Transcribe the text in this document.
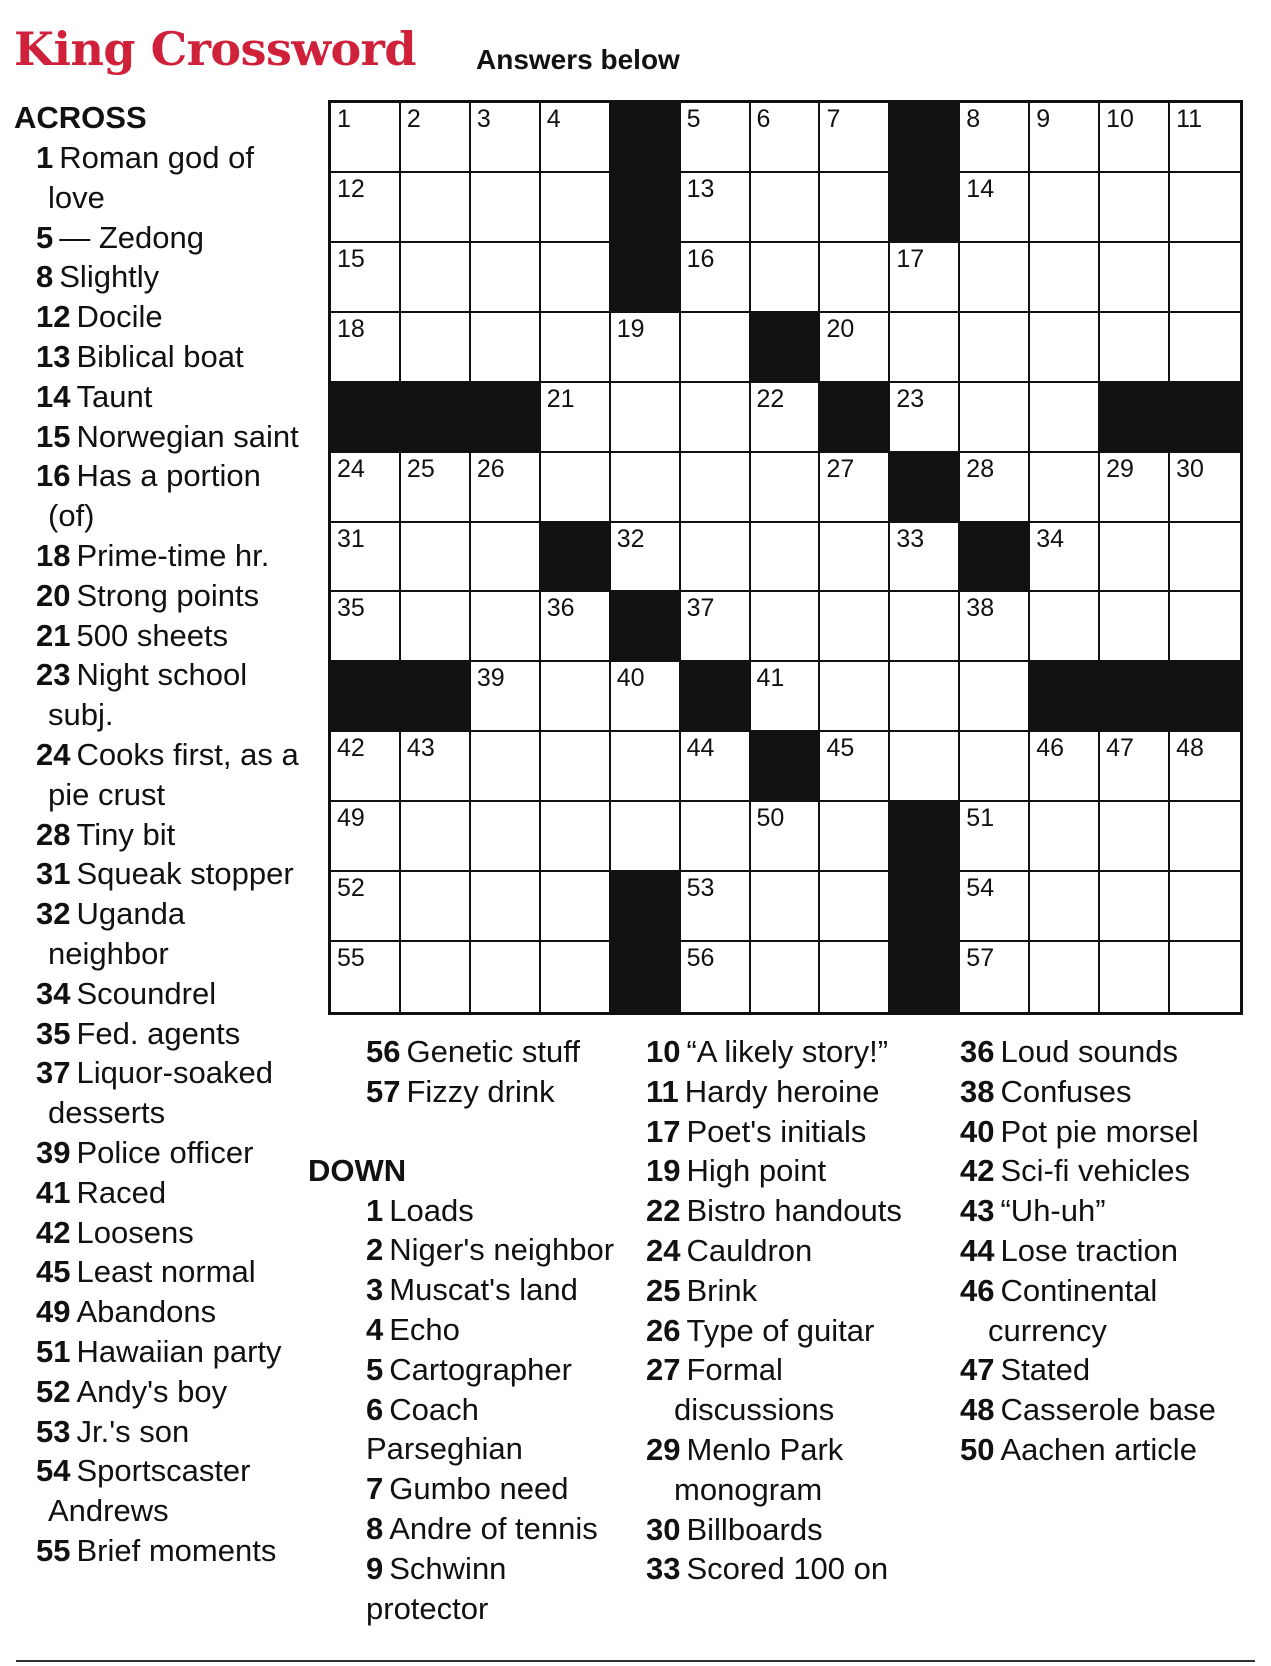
King Crossword Answers below
1 2 3 4	5 6 7	8 9 10 11
12	13	14
15	16	17
18	19	20
21	22	23
24 25 26	27	28	29 30
31	32	33	34
35	36	37	38
39	40	41
42 43	44	45	46 47 48
49	50	51
52	53	54
55	56	57
ACROSS
1 Roman god of love
5 — Zedong
8 Slightly
12 Docile
13 Biblical boat
14 Taunt
15 Norwegian saint
16 Has a portion (of)
18 Prime-time hr.
20 Strong points
21 500 sheets
23 Night school subj.
24 Cooks first, as a pie crust
28 Tiny bit
31 Squeak stopper
32 Uganda neighbor
34 Scoundrel
35 Fed. agents
37 Liquor-soaked desserts
39 Police officer
41 Raced
42 Loosens
45 Least normal
49 Abandons
51 Hawaiian party
52 Andy's boy
53 Jr.'s son
54 Sportscaster Andrews
55 Brief moments
56 Genetic stuff
57 Fizzy drink
DOWN
1 Loads
2 Niger's neighbor
3 Muscat's land
4 Echo
5 Cartographer
6 Coach Parseghian
7 Gumbo need
8 Andre of tennis
9 Schwinn protector
10 “A likely story!”
11 Hardy heroine
17 Poet's initials
19 High point
22 Bistro handouts
24 Cauldron
25 Brink
26 Type of guitar
27 Formal discussions
29 Menlo Park monogram
30 Billboards
33 Scored 100 on
36 Loud sounds
38 Confuses
40 Pot pie morsel
42 Sci-fi vehicles
43 “Uh-uh”
44 Lose traction
46 Continental currency
47 Stated
48 Casserole base
50 Aachen article
